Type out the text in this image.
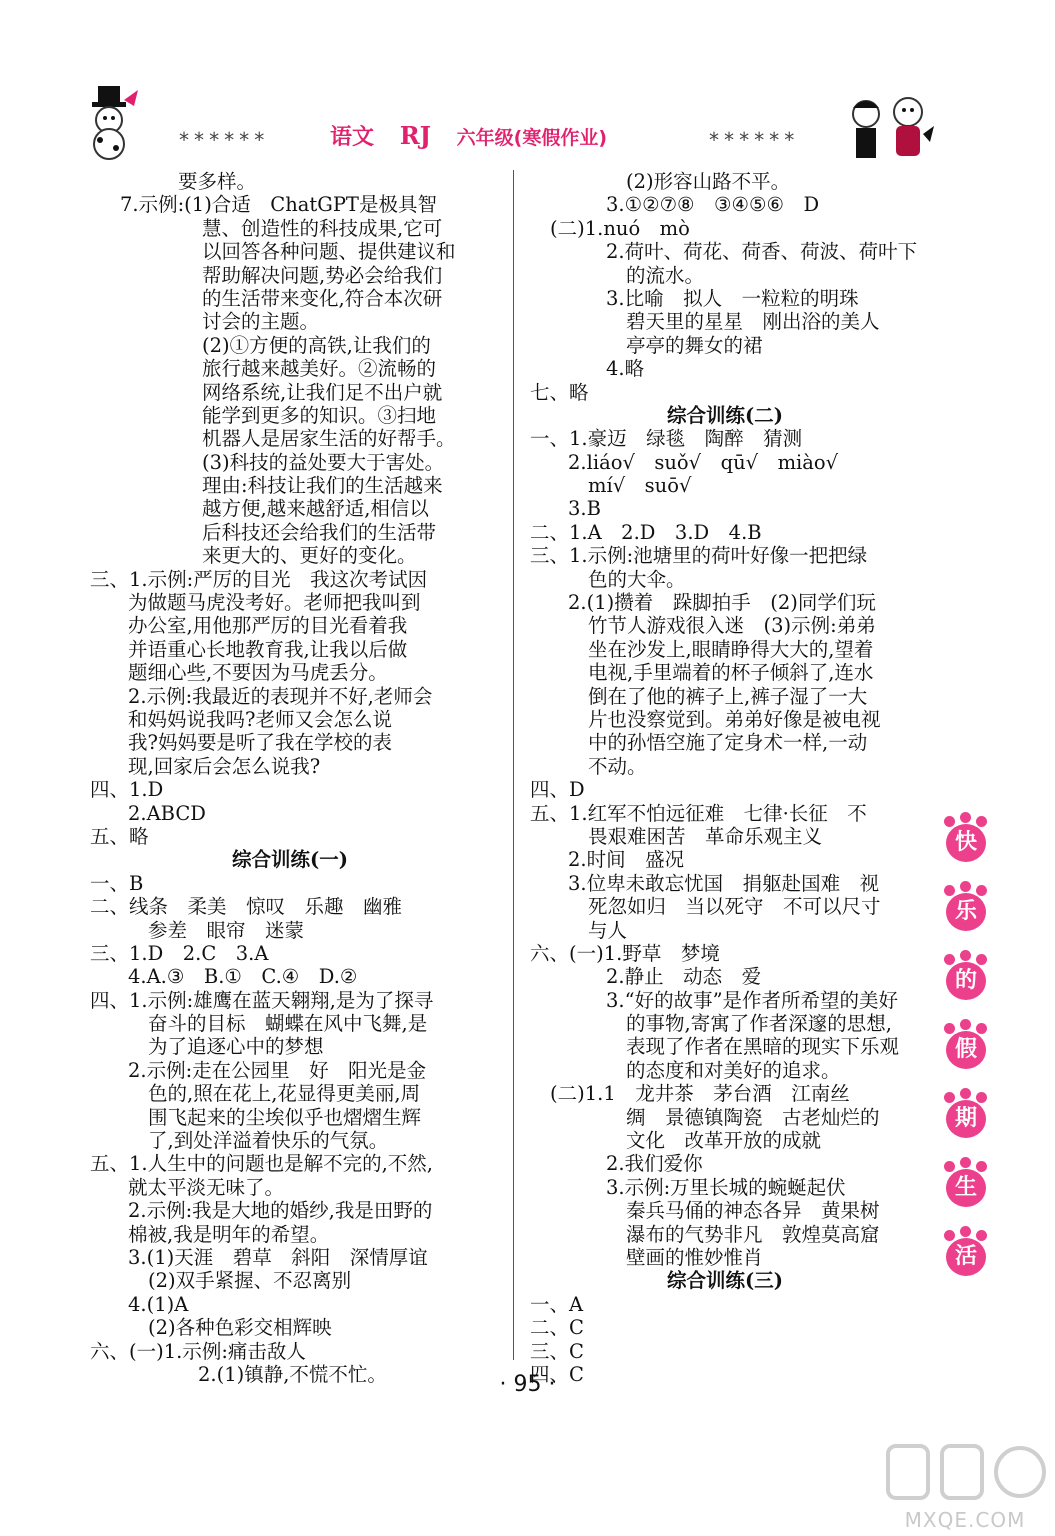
******	语文 RJ 六年级(寒假作业)	******
要多样。
7.示例:(1)合适　ChatGPT是极具智
慧、创造性的科技成果,它可
以回答各种问题、提供建议和
帮助解决问题,势必会给我们
的生活带来变化,符合本次研
讨会的主题。
(2)①方便的高铁,让我们的
旅行越来越美好。②流畅的
网络系统,让我们足不出户就
能学到更多的知识。③扫地
机器人是居家生活的好帮手。
(3)科技的益处要大于害处。
理由:科技让我们的生活越来
越方便,越来越舒适,相信以
后科技还会给我们的生活带
来更大的、更好的变化。
三、1.示例:严厉的目光　我这次考试因
为做题马虎没考好。老师把我叫到
办公室,用他那严厉的目光看着我
并语重心长地教育我,让我以后做
题细心些,不要因为马虎丢分。
2.示例:我最近的表现并不好,老师会
和妈妈说我吗?老师又会怎么说
我?妈妈要是听了我在学校的表
现,回家后会怎么说我?
四、1.D
2.ABCD
五、略
综合训练(一)
一、B
二、线条　柔美　惊叹　乐趣　幽雅
参差　眼帘　迷蒙
三、1.D　2.C　3.A
4.A.③　B.①　C.④　D.②
四、1.示例:雄鹰在蓝天翱翔,是为了探寻
奋斗的目标　蝴蝶在风中飞舞,是
为了追逐心中的梦想
2.示例:走在公园里　好　阳光是金
色的,照在花上,花显得更美丽,周
围飞起来的尘埃似乎也熠熠生辉
了,到处洋溢着快乐的气氛。
五、1.人生中的问题也是解不完的,不然,
就太平淡无味了。
2.示例:我是大地的婚纱,我是田野的
棉被,我是明年的希望。
3.(1)天涯　碧草　斜阳　深情厚谊
(2)双手紧握、不忍离别
4.(1)A
(2)各种色彩交相辉映
六、(一)1.示例:痛击敌人
2.(1)镇静,不慌不忙。
(2)形容山路不平。
3.①②⑦⑧　③④⑤⑥　D
(二)1.nuó　mò
2.荷叶、荷花、荷香、荷波、荷叶下
的流水。
3.比喻　拟人　一粒粒的明珠
碧天里的星星　刚出浴的美人
亭亭的舞女的裙
4.略
七、略
综合训练(二)
一、1.豪迈　绿毯　陶醉　猜测
2.liáo√　suǒ√　qū√　miào√
mí√　suō√
3.B
二、1.A　2.D　3.D　4.B
三、1.示例:池塘里的荷叶好像一把把绿
色的大伞。
2.(1)攒着　跺脚拍手　(2)同学们玩
竹节人游戏很入迷　(3)示例:弟弟
坐在沙发上,眼睛睁得大大的,望着
电视,手里端着的杯子倾斜了,连水
倒在了他的裤子上,裤子湿了一大
片也没察觉到。弟弟好像是被电视
中的孙悟空施了定身术一样,一动
不动。
四、D
五、1.红军不怕远征难　七律·长征　不
畏艰难困苦　革命乐观主义
2.时间　盛况
3.位卑未敢忘忧国　捐躯赴国难　视
死忽如归　当以死守　不可以尺寸
与人
六、(一)1.野草　梦境
2.静止　动态　爱
3.“好的故事”是作者所希望的美好
的事物,寄寓了作者深邃的思想,
表现了作者在黑暗的现实下乐观
的态度和对美好的追求。
(二)1.1　龙井茶　茅台酒　江南丝
绸　景德镇陶瓷　古老灿烂的
文化　改革开放的成就
2.我们爱你
3.示例:万里长城的蜿蜒起伏
秦兵马俑的神态各异　黄果树
瀑布的气势非凡　敦煌莫高窟
壁画的惟妙惟肖
综合训练(三)
一、A
二、C
三、C
四、C
快
乐
的
假
期
生
活
· 95 ·
MXQE.COM
